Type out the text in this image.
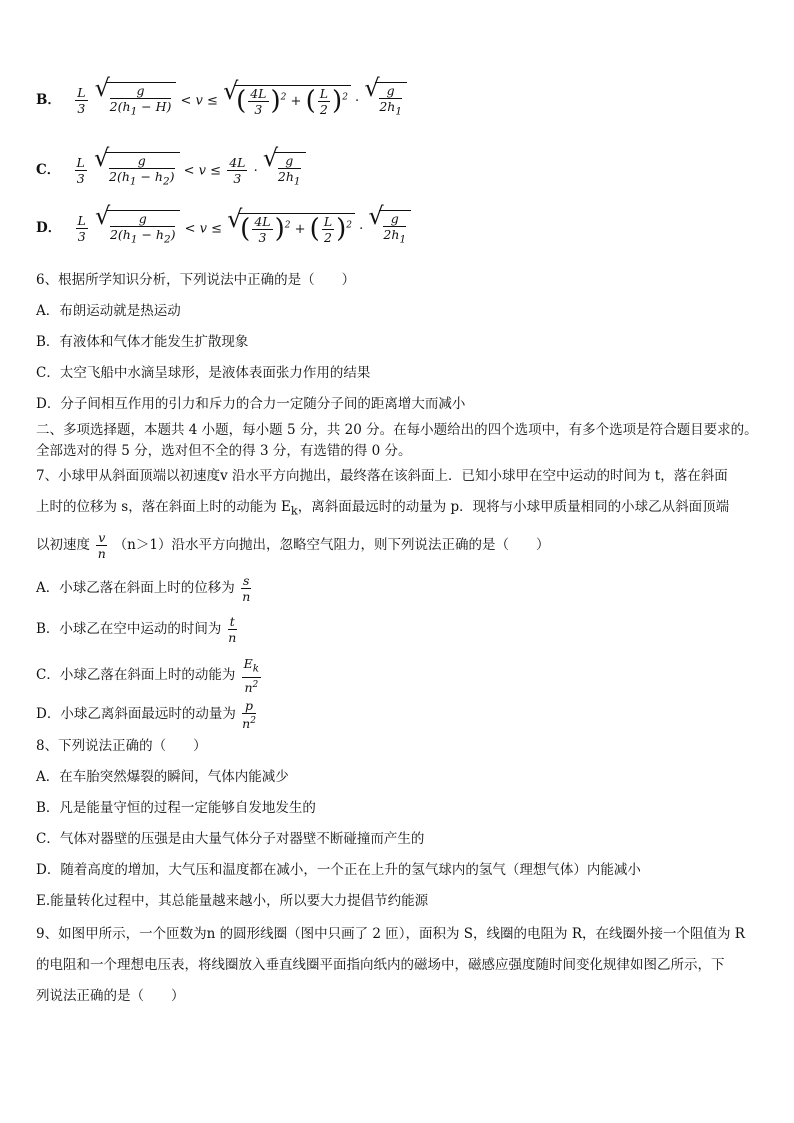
B． $\frac{L}{3}$
√ $\frac{g}{2(h_1 - H)} < v$ ≤ √ ( $\frac{4L}{3} )^2$ + ( $\frac{L}{2} )^2$ · √ $\frac{g}{2h_1}$
C． $\frac{L}{3}$
√ $\frac{g}{2(h_1 - h_2)} < v \le \frac{4L}{3}$ · √ $\frac{g}{2h_1}$
D． $\frac{L}{3}$
√ $\frac{g}{2(h_1 - h_2)} < v$ ≤ √ ( $\frac{4L}{3} )^2$ + ( $\frac{L}{2} )^2$ · √ $\frac{g}{2h_1}$
6、根据所学知识分析，下列说法中正确的是（　　）
A．布朗运动就是热运动
B．有液体和气体才能发生扩散现象
C．太空飞船中水滴呈球形，是液体表面张力作用的结果
D．分子间相互作用的引力和斥力的合力一定随分子间的距离增大而减小
二、多项选择题，本题共 4 小题，每小题 5 分，共 20 分。在每小题给出的四个选项中，有多个选项是符合题目要求的。全部选对的得 5 分，选对但不全的得 3 分，有选错的得 0 分。
7、小球甲从斜面顶端以初速度v 沿水平方向抛出，最终落在该斜面上．已知小球甲在空中运动的时间为 t，落在斜面
上时的位移为 s，落在斜面上时的动能为 $E_k$，离斜面最远时的动量为 p．现将与小球甲质量相同的小球乙从斜面顶端
以初速度 $\frac{v}{n} (n>1)$沿水平方向抛出，忽略空气阻力，则下列说法正确的是（　　）
A．小球乙落在斜面上时的位移为 $\frac{s}{n}$
B．小球乙在空中运动的时间为 $\frac{t}{n}$
C．小球乙落在斜面上时的动能为 $\frac{E_k}{n^2}$
D．小球乙离斜面最远时的动量为 $\frac{p}{n^2}$
8、下列说法正确的（　　）
A．在车胎突然爆裂的瞬间，气体内能减少
B．凡是能量守恒的过程一定能够自发地发生的
C．气体对器壁的压强是由大量气体分子对器壁不断碰撞而产生的
D．随着高度的增加，大气压和温度都在减小，一个正在上升的氢气球内的氢气（理想气体）内能减小
E.能量转化过程中，其总能量越来越小，所以要大力提倡节约能源
9、如图甲所示，一个匝数为n 的圆形线圈（图中只画了 2 匝），面积为 S，线圈的电阻为 R，在线圈外接一个阻值为 R
的电阻和一个理想电压表，将线圈放入垂直线圈平面指向纸内的磁场中，磁感应强度随时间变化规律如图乙所示，下
列说法正确的是（　　）
